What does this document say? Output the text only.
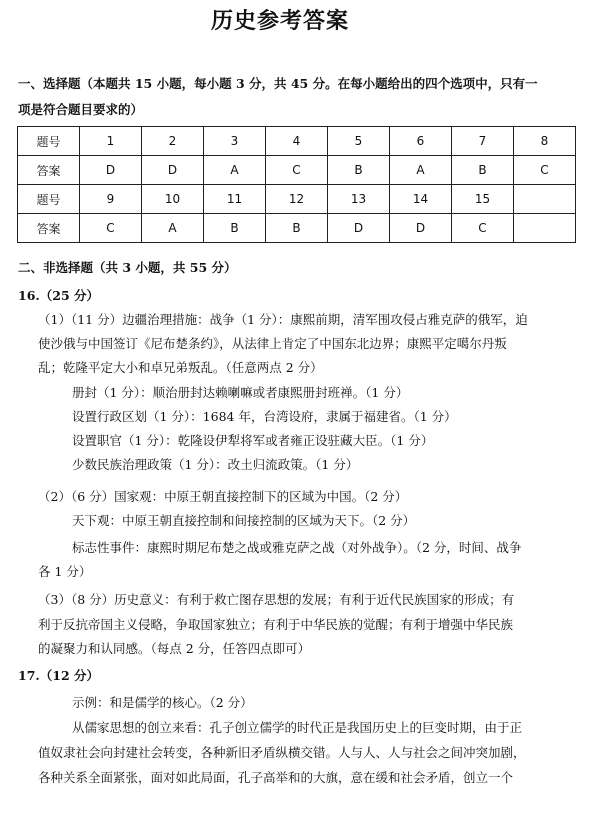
历史参考答案
一、选择题（本题共 15 小题，每小题 3 分，共 45 分。在每小题给出的四个选项中，只有一
项是符合题目要求的）
题号	1	2	3	4	5	6	7	8
答案	D	D	A	C	B	A	B	C
题号	9	10	11	12	13	14	15	
答案	C	A	B	B	D	D	C	
二、非选择题（共 3 小题，共 55 分）
16.（25 分）
（1）（11 分）边疆治理措施：战争（1 分）：康熙前期，清军围攻侵占雅克萨的俄军，迫
使沙俄与中国签订《尼布楚条约》，从法律上肯定了中国东北边界；康熙平定噶尔丹叛
乱；乾隆平定大小和卓兄弟叛乱。（任意两点 2 分）
册封（1 分）：顺治册封达赖喇嘛或者康熙册封班禅。（1 分）
设置行政区划（1 分）：1684 年，台湾设府，隶属于福建省。（1 分）
设置职官（1 分）：乾隆设伊犁将军或者雍正设驻藏大臣。（1 分）
少数民族治理政策（1 分）：改土归流政策。（1 分）
（2）（6 分）国家观：中原王朝直接控制下的区域为中国。（2 分）
天下观：中原王朝直接控制和间接控制的区域为天下。（2 分）
标志性事件：康熙时期尼布楚之战或雅克萨之战（对外战争）。（2 分，时间、战争
各 1 分）
（3）（8 分）历史意义：有利于救亡图存思想的发展；有利于近代民族国家的形成；有
利于反抗帝国主义侵略，争取国家独立；有利于中华民族的觉醒；有利于增强中华民族
的凝聚力和认同感。（每点 2 分，任答四点即可）
17.（12 分）
示例：和是儒学的核心。（2 分）
从儒家思想的创立来看：孔子创立儒学的时代正是我国历史上的巨变时期，由于正
值奴隶社会向封建社会转变，各种新旧矛盾纵横交错。人与人、人与社会之间冲突加剧，
各种关系全面紧张，面对如此局面，孔子高举和的大旗，意在缓和社会矛盾，创立一个
